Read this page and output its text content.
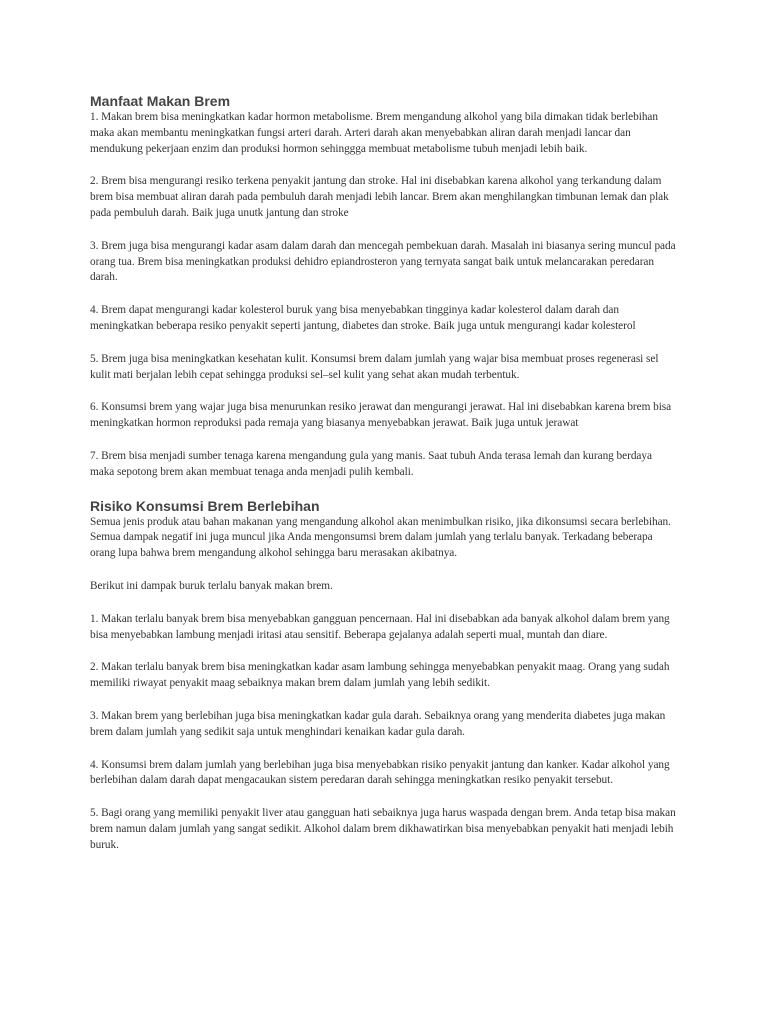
Manfaat Makan Brem

1. Makan brem bisa meningkatkan kadar hormon metabolisme. Brem mengandung alkohol yang bila dimakan tidak berlebihan maka akan membantu meningkatkan fungsi arteri darah. Arteri darah akan menyebabkan aliran darah menjadi lancar dan mendukung pekerjaan enzim dan produksi hormon sehinggga membuat metabolisme tubuh menjadi lebih baik.

2. Brem bisa mengurangi resiko terkena penyakit jantung dan stroke. Hal ini disebabkan karena alkohol yang terkandung dalam brem bisa membuat aliran darah pada pembuluh darah menjadi lebih lancar. Brem akan menghilangkan timbunan lemak dan plak pada pembuluh darah. Baik juga unutk jantung dan stroke

3. Brem juga bisa mengurangi kadar asam dalam darah dan mencegah pembekuan darah. Masalah ini biasanya sering muncul pada orang tua. Brem bisa meningkatkan produksi dehidro epiandrosteron yang ternyata sangat baik untuk melancarakan peredaran darah.

4. Brem dapat mengurangi kadar kolesterol buruk yang bisa menyebabkan tingginya kadar kolesterol dalam darah dan meningkatkan beberapa resiko penyakit seperti jantung, diabetes dan stroke. Baik juga untuk mengurangi kadar kolesterol

5. Brem juga bisa meningkatkan kesehatan kulit. Konsumsi brem dalam jumlah yang wajar bisa membuat proses regenerasi sel kulit mati berjalan lebih cepat sehingga produksi sel–sel kulit yang sehat akan mudah terbentuk.

6. Konsumsi brem yang wajar juga bisa menurunkan resiko jerawat dan mengurangi jerawat. Hal ini disebabkan karena brem bisa meningkatkan hormon reproduksi pada remaja yang biasanya menyebabkan jerawat. Baik juga untuk jerawat

7. Brem bisa menjadi sumber tenaga karena mengandung gula yang manis. Saat tubuh Anda terasa lemah dan kurang berdaya maka sepotong brem akan membuat tenaga anda menjadi pulih kembali.

Risiko Konsumsi Brem Berlebihan

Semua jenis produk atau bahan makanan yang mengandung alkohol akan menimbulkan risiko, jika dikonsumsi secara berlebihan. Semua dampak negatif ini juga muncul jika Anda mengonsumsi brem dalam jumlah yang terlalu banyak. Terkadang beberapa orang lupa bahwa brem mengandung alkohol sehingga baru merasakan akibatnya.

Berikut ini dampak buruk terlalu banyak makan brem.

1. Makan terlalu banyak brem bisa menyebabkan gangguan pencernaan. Hal ini disebabkan ada banyak alkohol dalam brem yang bisa menyebabkan lambung menjadi iritasi atau sensitif. Beberapa gejalanya adalah seperti mual, muntah dan diare.

2. Makan terlalu banyak brem bisa meningkatkan kadar asam lambung sehingga menyebabkan penyakit maag. Orang yang sudah memiliki riwayat penyakit maag sebaiknya makan brem dalam jumlah yang lebih sedikit.

3. Makan brem yang berlebihan juga bisa meningkatkan kadar gula darah. Sebaiknya orang yang menderita diabetes juga makan brem dalam jumlah yang sedikit saja untuk menghindari kenaikan kadar gula darah.

4. Konsumsi brem dalam jumlah yang berlebihan juga bisa menyebabkan risiko penyakit jantung dan kanker. Kadar alkohol yang berlebihan dalam darah dapat mengacaukan sistem peredaran darah sehingga meningkatkan resiko penyakit tersebut.

5. Bagi orang yang memiliki penyakit liver atau gangguan hati sebaiknya juga harus waspada dengan brem. Anda tetap bisa makan brem namun dalam jumlah yang sangat sedikit. Alkohol dalam brem dikhawatirkan bisa menyebabkan penyakit hati menjadi lebih buruk.
